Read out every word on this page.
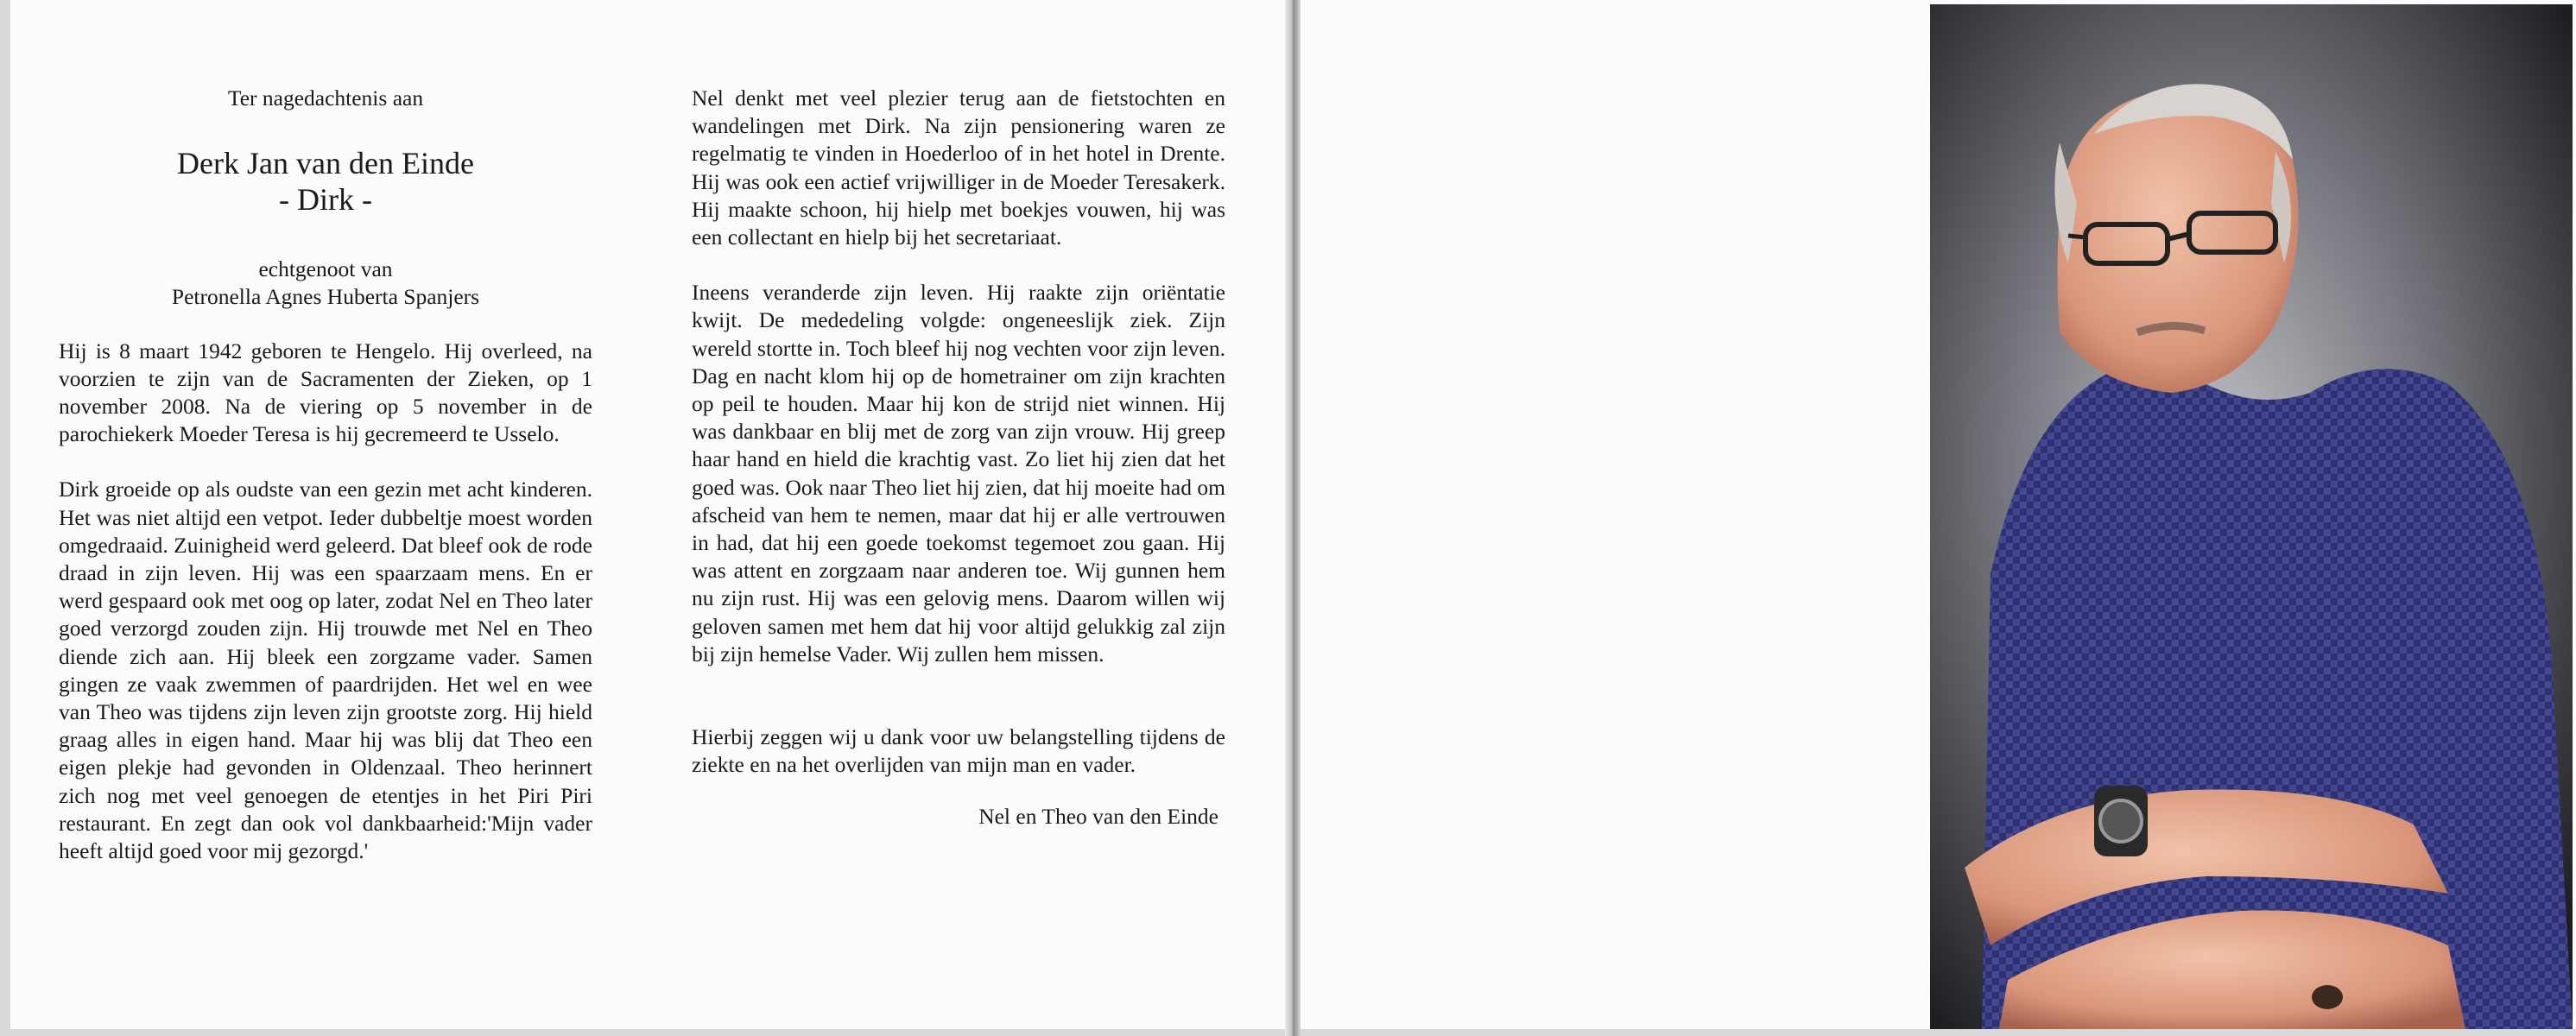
Ter nagedachtenis aan

Derk Jan van den Einde

- Dirk -

echtgenoot van

Petronella Agnes Huberta Spanjers

Hij is 8 maart 1942 geboren te Hengelo. Hij overleed, na voorzien te zijn van de Sacramenten der Zieken, op 1 november 2008. Na de viering op 5 november in de parochiekerk Moeder Teresa is hij gecremeerd te Usselo.

Dirk groeide op als oudste van een gezin met acht kinderen. Het was niet altijd een vetpot. Ieder dubbeltje moest worden omgedraaid. Zuinigheid werd geleerd. Dat bleef ook de rode draad in zijn leven. Hij was een spaarzaam mens. En er werd gespaard ook met oog op later, zodat Nel en Theo later goed verzorgd zouden zijn. Hij trouwde met Nel en Theo diende zich aan. Hij bleek een zorgzame vader. Samen gingen ze vaak zwemmen of paardrijden. Het wel en wee van Theo was tijdens zijn leven zijn grootste zorg. Hij hield graag alles in eigen hand. Maar hij was blij dat Theo een eigen plekje had gevonden in Oldenzaal. Theo herinnert zich nog met veel genoegen de etentjes in het Piri Piri restaurant. En zegt dan ook vol dankbaarheid:'Mijn vader heeft altijd goed voor mij gezorgd.'

Nel denkt met veel plezier terug aan de fietstochten en wandelingen met Dirk. Na zijn pensionering waren ze regelmatig te vinden in Hoederloo of in het hotel in Drente. Hij was ook een actief vrijwilliger in de Moeder Teresakerk. Hij maakte schoon, hij hielp met boekjes vouwen, hij was een collectant en hielp bij het secretariaat.

Ineens veranderde zijn leven. Hij raakte zijn oriëntatie kwijt. De mededeling volgde: ongeneeslijk ziek. Zijn wereld stortte in. Toch bleef hij nog vechten voor zijn leven. Dag en nacht klom hij op de hometrainer om zijn krachten op peil te houden. Maar hij kon de strijd niet winnen. Hij was dankbaar en blij met de zorg van zijn vrouw. Hij greep haar hand en hield die krachtig vast. Zo liet hij zien dat het goed was. Ook naar Theo liet hij zien, dat hij moeite had om afscheid van hem te nemen, maar dat hij er alle vertrouwen in had, dat hij een goede toekomst tegemoet zou gaan. Hij was attent en zorgzaam naar anderen toe. Wij gunnen hem nu zijn rust. Hij was een gelovig mens. Daarom willen wij geloven samen met hem dat hij voor altijd gelukkig zal zijn bij zijn hemelse Vader. Wij zullen hem missen.

Hierbij zeggen wij u dank voor uw belangstelling tijdens de ziekte en na het overlijden van mijn man en vader.

Nel en Theo van den Einde
